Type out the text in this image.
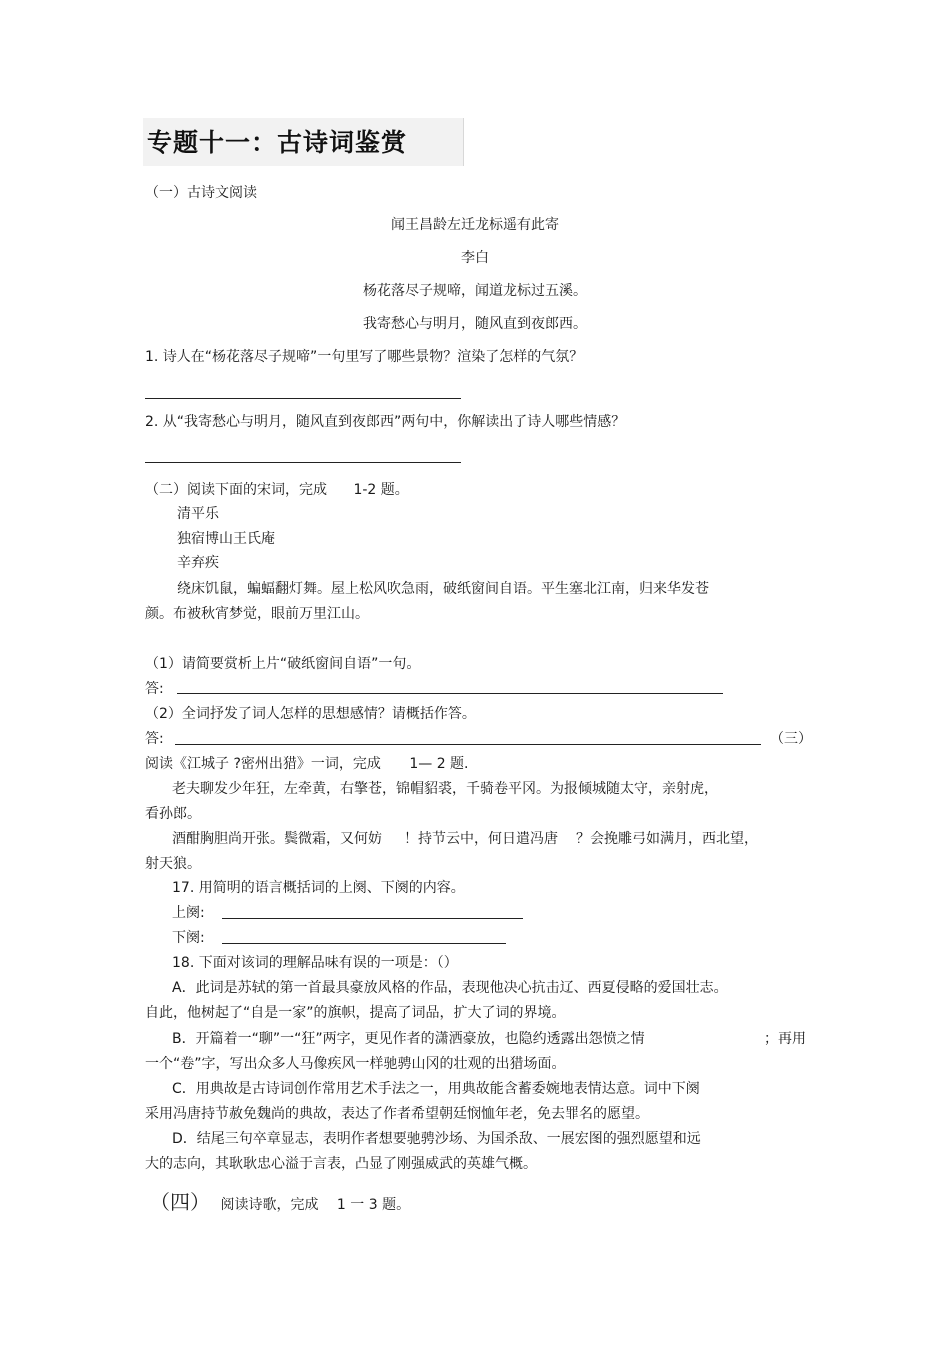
专题十一：古诗词鉴赏
（一）古诗文阅读
闻王昌龄左迁龙标遥有此寄
李白
杨花落尽子规啼，闻道龙标过五溪。
我寄愁心与明月，随风直到夜郎西。
1. 诗人在“杨花落尽子规啼”一句里写了哪些景物？渲染了怎样的气氛？
2. 从“我寄愁心与明月，随风直到夜郎西”两句中，你解读出了诗人哪些情感？
（二）阅读下面的宋词，完成 1-2 题。
清平乐
独宿博山王氏庵
辛弃疾
绕床饥鼠，蝙蝠翻灯舞。屋上松风吹急雨，破纸窗间自语。平生塞北江南，归来华发苍
颜。布被秋宵梦觉，眼前万里江山。
（1）请简要赏析上片“破纸窗间自语”一句。
答:
（2）全词抒发了词人怎样的思想感情？请概括作答。
答:	（三）
阅读《江城子 ?密州出猎》一词，完成 1— 2 题.
老夫聊发少年狂，左牵黄，右擎苍，锦帽貂裘，千骑卷平冈。为报倾城随太守，亲射虎，
看孙郎。
酒酣胸胆尚开张。鬓微霜，又何妨 ！持节云中，何日遣冯唐 ？会挽雕弓如满月，西北望，
射天狼。
17. 用简明的语言概括词的上阕、下阕的内容。
上阕:
下阕:
18. 下面对该词的理解品味有误的一项是：（）
A．此词是苏轼的第一首最具豪放风格的作品，表现他决心抗击辽、西夏侵略的爱国壮志。
自此，他树起了“自是一家”的旗帜，提高了词品，扩大了词的界境。
B．开篇着一“聊”一“狂”两字，更见作者的潇洒豪放，也隐约透露出怨愤之情	；再用
一个“卷”字，写出众多人马像疾风一样驰骋山冈的壮观的出猎场面。
C．用典故是古诗词创作常用艺术手法之一，用典故能含蓄委婉地表情达意。词中下阕
采用冯唐持节赦免魏尚的典故，表达了作者希望朝廷悯恤年老，免去罪名的愿望。
D．结尾三句卒章显志，表明作者想要驰骋沙场、为国杀敌、一展宏图的强烈愿望和远
大的志向，其耿耿忠心溢于言表，凸显了刚强威武的英雄气概。
（四） 阅读诗歌，完成 1 一 3 题。
